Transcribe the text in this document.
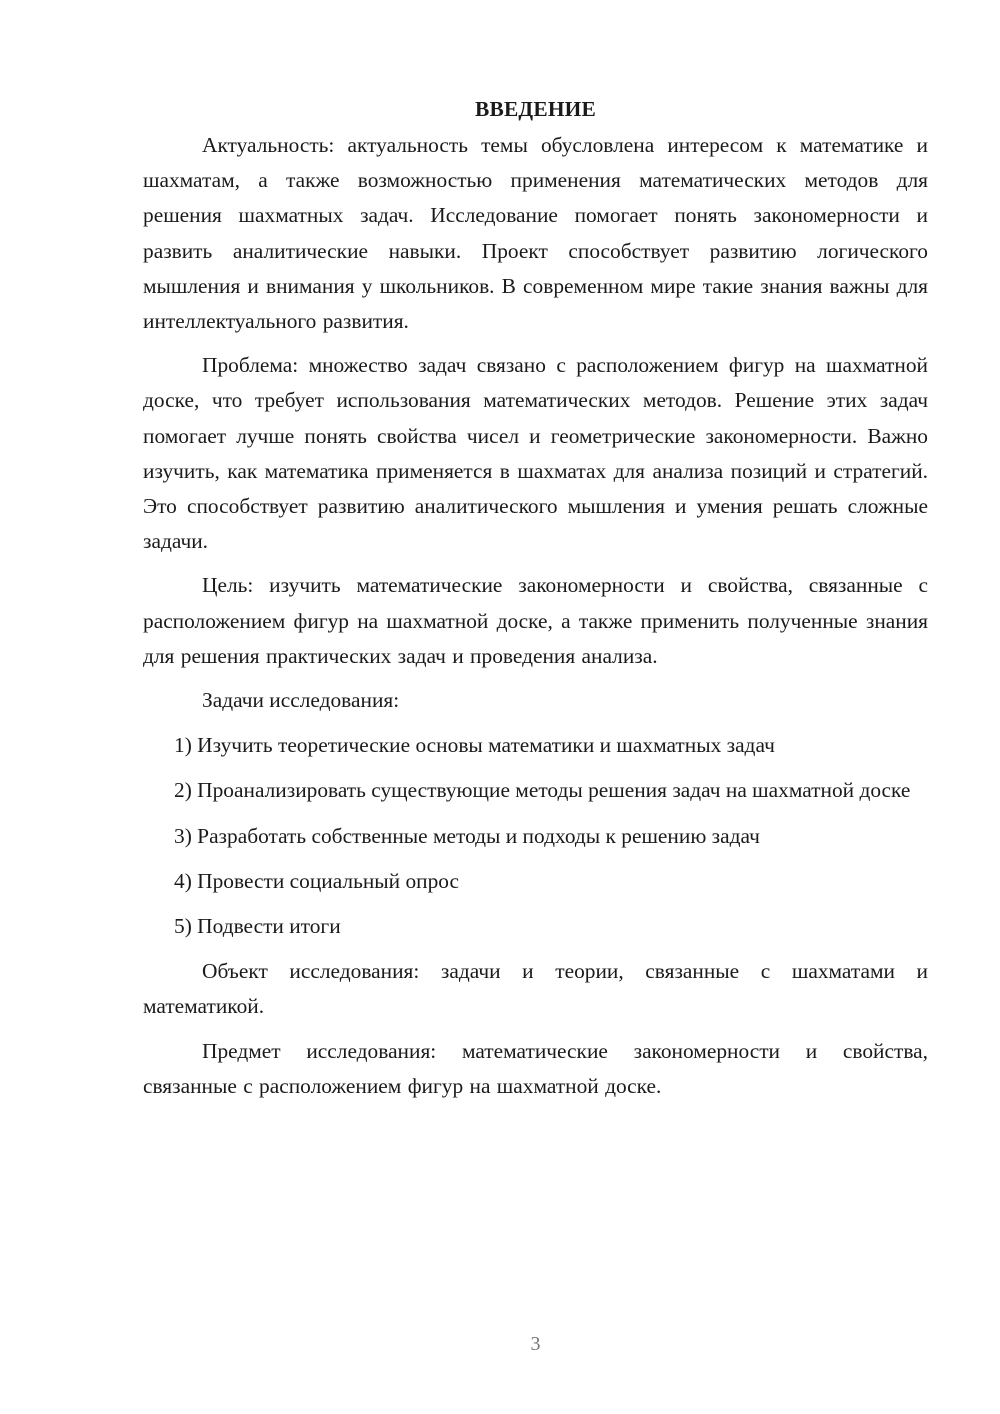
ВВЕДЕНИЕ

Актуальность: актуальность темы обусловлена интересом к математике и шахматам, а также возможностью применения математических методов для решения шахматных задач. Исследование помогает понять закономерности и развить аналитические навыки. Проект способствует развитию логического мышления и внимания у школьников. В современном мире такие знания важны для интеллектуального развития.

Проблема: множество задач связано с расположением фигур на шахматной доске, что требует использования математических методов. Решение этих задач помогает лучше понять свойства чисел и геометрические закономерности. Важно изучить, как математика применяется в шахматах для анализа позиций и стратегий. Это способствует развитию аналитического мышления и умения решать сложные задачи.

Цель: изучить математические закономерности и свойства, связанные с расположением фигур на шахматной доске, а также применить полученные знания для решения практических задач и проведения анализа.

Задачи исследования:

1) Изучить теоретические основы математики и шахматных задач

2) Проанализировать существующие методы решения задач на шахматной доске

3) Разработать собственные методы и подходы к решению задач

4) Провести социальный опрос

5) Подвести итоги

Объект исследования: задачи и теории, связанные с шахматами и математикой.

Предмет исследования: математические закономерности и свойства, связанные с расположением фигур на шахматной доске.

3
